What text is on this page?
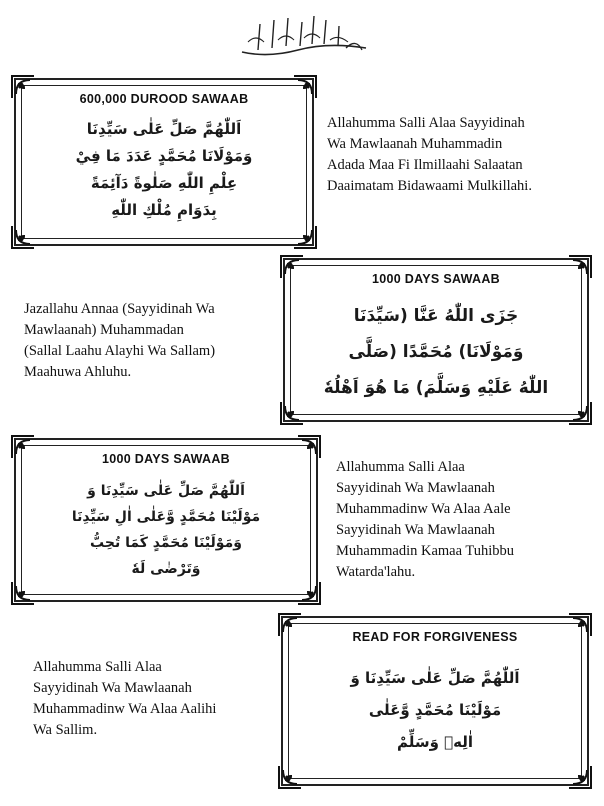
600,000 DUROOD SAWAAB
اَللّٰهُمَّ صَلِّ عَلٰى سَيِّدِنَا
وَمَوْلَانَا مُحَمَّدٍ عَدَدَ مَا فِيْ
عِلْمِ اللّٰهِ صَلٰوةً دَآئِمَةً
بِدَوَامِ مُلْكِ اللّٰهِ
Allahumma Salli Alaa Sayyidinah
Wa Mawlaanah Muhammadin
Adada Maa Fi Ilmillaahi Salaatan
Daaimatam Bidawaami Mulkillahi.
1000 DAYS SAWAAB
جَزَى اللّٰهُ عَنَّا (سَيِّدَنَا
وَمَوْلَانَا) مُحَمَّدًا (صَلَّى
اللّٰهُ عَلَيْهِ وَسَلَّمَ) مَا هُوَ اَهْلُهٗ
Jazallahu Annaa (Sayyidinah Wa
Mawlaanah) Muhammadan
(Sallal Laahu Alayhi Wa Sallam)
Maahuwa Ahluhu.
1000 DAYS SAWAAB
اَللّٰهُمَّ صَلِّ عَلٰى سَيِّدِنَا وَ
مَوْلَيْنَا مُحَمَّدٍ وَّعَلٰى اٰلِ سَيِّدِنَا
وَمَوْلَيْنَا مُحَمَّدٍ كَمَا تُحِبُّ
وَتَرْضٰى لَهٗ
Allahumma Salli Alaa
Sayyidinah Wa Mawlaanah
Muhammadinw Wa Alaa Aale
Sayyidinah Wa Mawlaanah
Muhammadin Kamaa Tuhibbu
Watarda'lahu.
READ FOR FORGIVENESS
اَللّٰهُمَّ صَلِّ عَلٰى سَيِّدِنَا وَ
مَوْلَيْنَا مُحَمَّدٍ وَّعَلٰى
اٰلِهٖ وَسَلِّمْ
Allahumma Salli Alaa
Sayyidinah Wa Mawlaanah
Muhammadinw Wa Alaa Aalihi
Wa Sallim.
